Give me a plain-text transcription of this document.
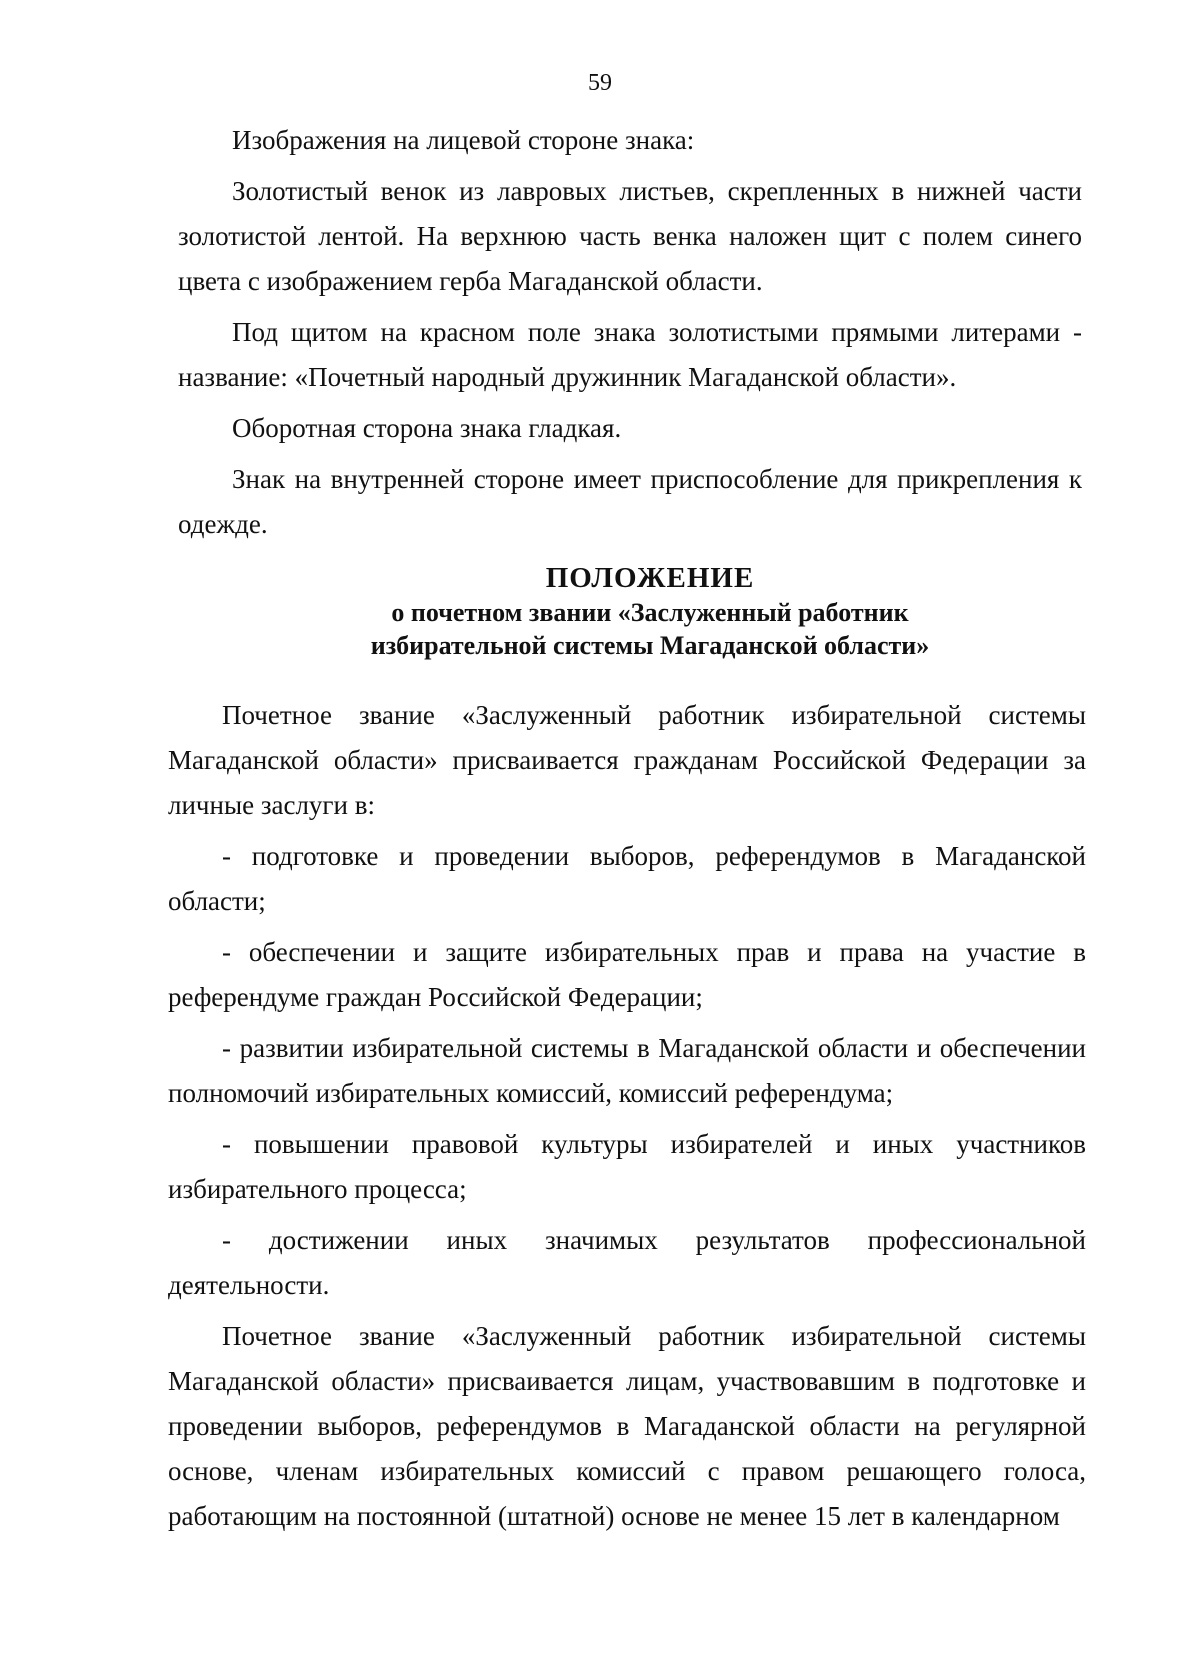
59

Изображения на лицевой стороне знака:

Золотистый венок из лавровых листьев, скрепленных в нижней части золотистой лентой. На верхнюю часть венка наложен щит с полем синего цвета с изображением герба Магаданской области.

Под щитом на красном поле знака золотистыми прямыми литерами - название: «Почетный народный дружинник Магаданской области».

Оборотная сторона знака гладкая.

Знак на внутренней стороне имеет приспособление для прикрепления к одежде.

ПОЛОЖЕНИЕ
о почетном звании «Заслуженный работник
избирательной системы Магаданской области»

Почетное звание «Заслуженный работник избирательной системы Магаданской области» присваивается гражданам Российской Федерации за личные заслуги в:

- подготовке и проведении выборов, референдумов в Магаданской области;

- обеспечении и защите избирательных прав и права на участие в референдуме граждан Российской Федерации;

- развитии избирательной системы в Магаданской области и обеспечении полномочий избирательных комиссий, комиссий референдума;

- повышении правовой культуры избирателей и иных участников избирательного процесса;

- достижении иных значимых результатов профессиональной деятельности.

Почетное звание «Заслуженный работник избирательной системы Магаданской области» присваивается лицам, участвовавшим в подготовке и проведении выборов, референдумов в Магаданской области на регулярной основе, членам избирательных комиссий с правом решающего голоса, работающим на постоянной (штатной) основе не менее 15 лет в календарном
